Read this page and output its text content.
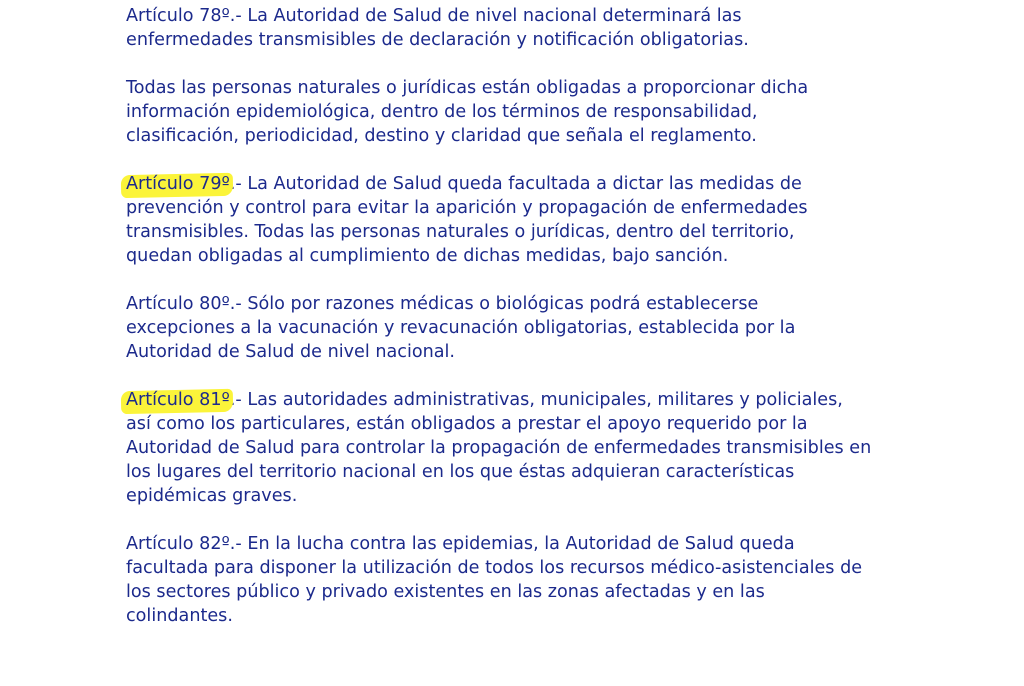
Artículo 78º.- La Autoridad de Salud de nivel nacional determinará las
enfermedades transmisibles de declaración y notificación obligatorias.
Todas las personas naturales o jurídicas están obligadas a proporcionar dicha
información epidemiológica, dentro de los términos de responsabilidad,
clasificación, periodicidad, destino y claridad que señala el reglamento.
Artículo 79º.- La Autoridad de Salud queda facultada a dictar las medidas de
prevención y control para evitar la aparición y propagación de enfermedades
transmisibles. Todas las personas naturales o jurídicas, dentro del territorio,
quedan obligadas al cumplimiento de dichas medidas, bajo sanción.
Artículo 80º.- Sólo por razones médicas o biológicas podrá establecerse
excepciones a la vacunación y revacunación obligatorias, establecida por la
Autoridad de Salud de nivel nacional.
Artículo 81º.- Las autoridades administrativas, municipales, militares y policiales,
así como los particulares, están obligados a prestar el apoyo requerido por la
Autoridad de Salud para controlar la propagación de enfermedades transmisibles en
los lugares del territorio nacional en los que éstas adquieran características
epidémicas graves.
Artículo 82º.- En la lucha contra las epidemias, la Autoridad de Salud queda
facultada para disponer la utilización de todos los recursos médico-asistenciales de
los sectores público y privado existentes en las zonas afectadas y en las
colindantes.
